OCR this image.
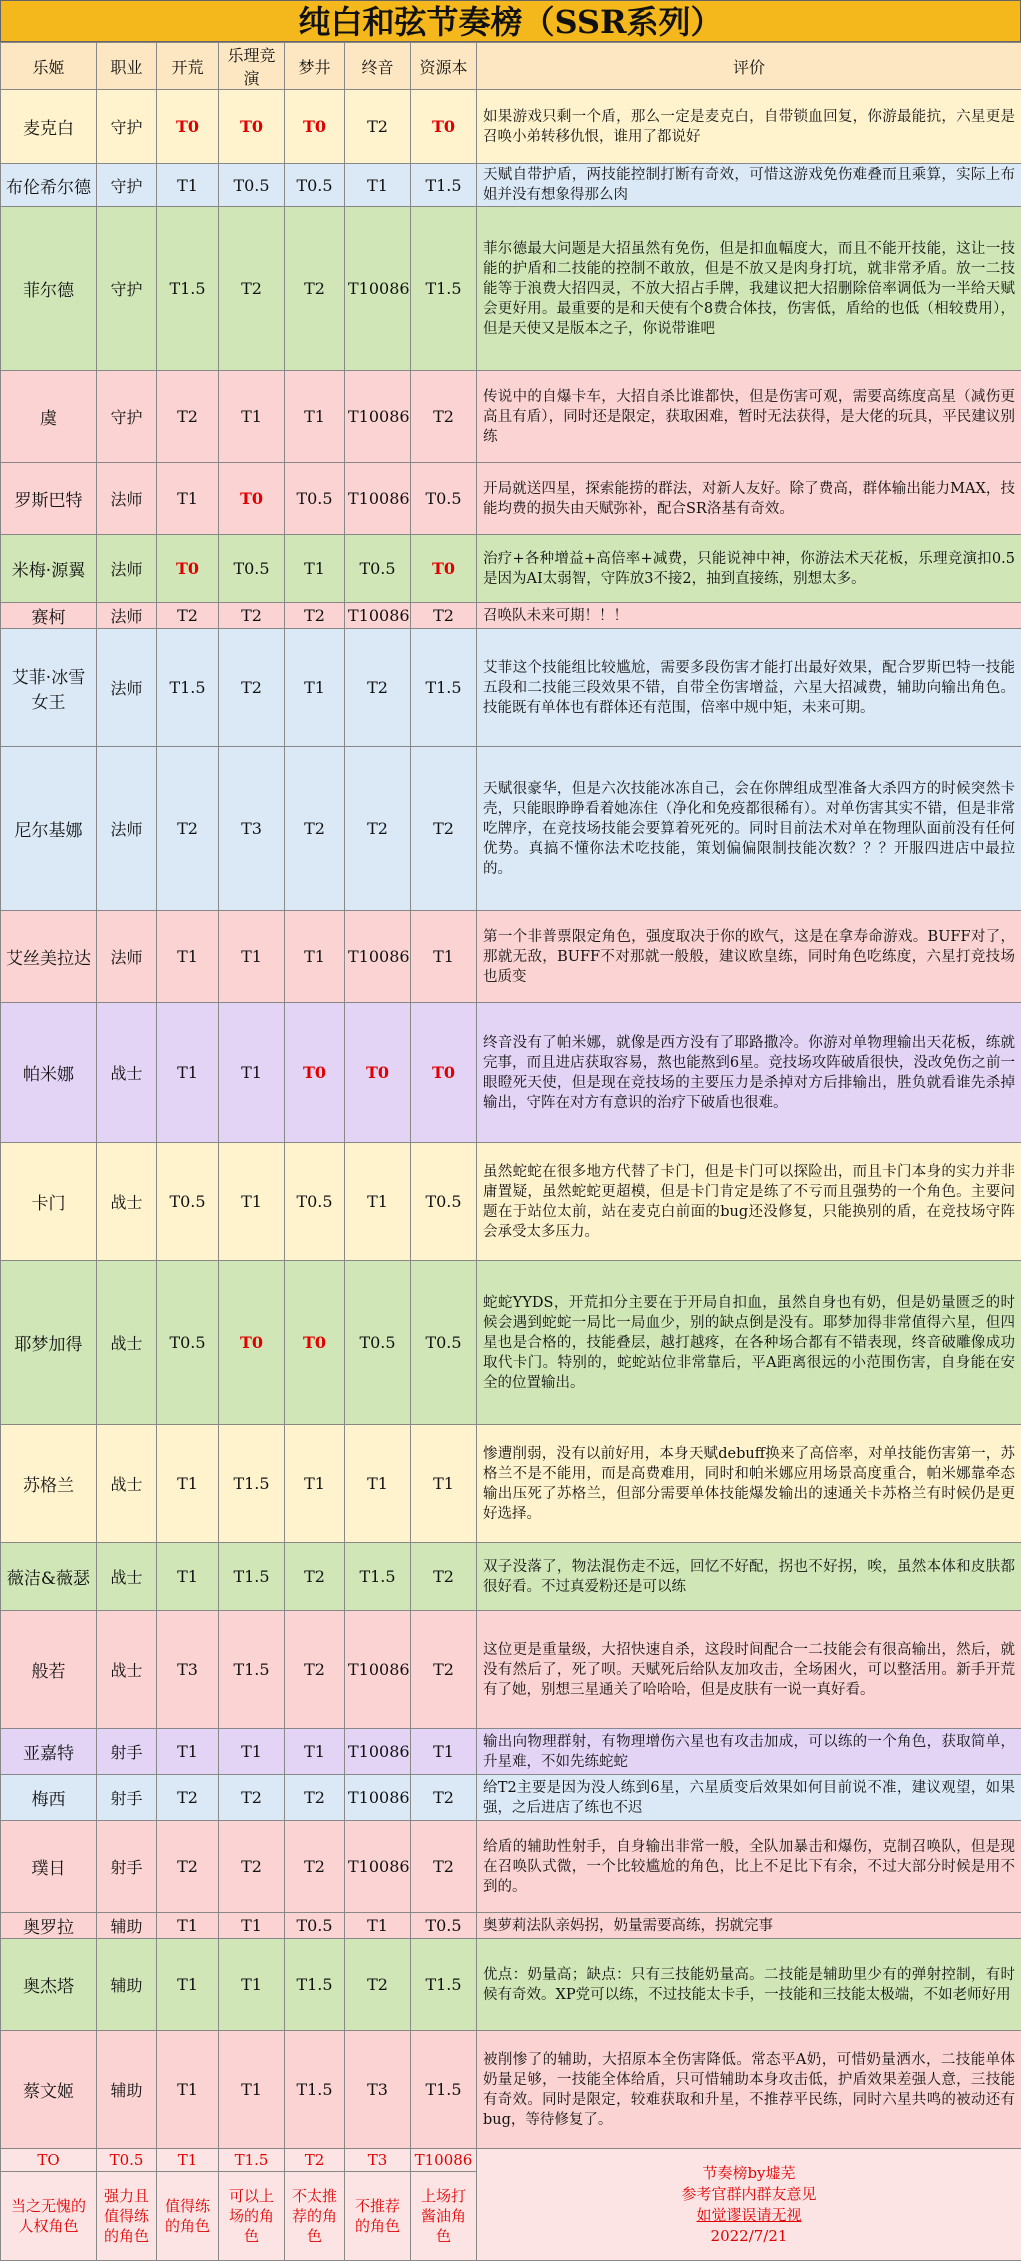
纯白和弦节奏榜（SSR系列）
乐姬	职业	开荒	乐理竞演	梦井	终音	资源本	评价
麦克白	守护	T0	T0	T0	T2	T0	如果游戏只剩一个盾，那么一定是麦克白，自带锁血回复，你游最能抗，六星更是召唤小弟转移仇恨，谁用了都说好
布伦希尔德	守护	T1	T0.5	T0.5	T1	T1.5	天赋自带护盾，两技能控制打断有奇效，可惜这游戏免伤难叠而且乘算，实际上布姐并没有想象得那么肉
菲尔德	守护	T1.5	T2	T2	T10086	T1.5	菲尔德最大问题是大招虽然有免伤，但是扣血幅度大，而且不能开技能，这让一技能的护盾和二技能的控制不敢放，但是不放又是肉身打坑，就非常矛盾。放一二技能等于浪费大招四灵，不放大招占手牌，我建议把大招删除倍率调低为一半给天赋会更好用。最重要的是和天使有个8费合体技，伤害低，盾给的也低（相较费用），但是天使又是版本之子，你说带谁吧
虞	守护	T2	T1	T1	T10086	T2	传说中的自爆卡车，大招自杀比谁都快，但是伤害可观，需要高练度高星（减伤更高且有盾），同时还是限定，获取困难，暂时无法获得，是大佬的玩具，平民建议别练
罗斯巴特	法师	T1	T0	T0.5	T10086	T0.5	开局就送四星，探索能捞的群法，对新人友好。除了费高，群体输出能力MAX，技能均费的损失由天赋弥补，配合SR洛基有奇效。
米梅·源翼	法师	T0	T0.5	T1	T0.5	T0	治疗+各种增益+高倍率+减费，只能说神中神，你游法术天花板，乐理竞演扣0.5是因为AI太弱智，守阵放3不接2，抽到直接练，别想太多。
赛柯	法师	T2	T2	T2	T10086	T2	召唤队未来可期！！！
艾菲·冰雪女王	法师	T1.5	T2	T1	T2	T1.5	艾菲这个技能组比较尴尬，需要多段伤害才能打出最好效果，配合罗斯巴特一技能五段和二技能三段效果不错，自带全伤害增益，六星大招减费，辅助向输出角色。技能既有单体也有群体还有范围，倍率中规中矩，未来可期。
尼尔基娜	法师	T2	T3	T2	T2	T2	天赋很豪华，但是六次技能冰冻自己，会在你牌组成型准备大杀四方的时候突然卡壳，只能眼睁睁看着她冻住（净化和免疫都很稀有）。对单伤害其实不错，但是非常吃牌序，在竞技场技能会要算着死死的。同时目前法术对单在物理队面前没有任何优势。真搞不懂你法术吃技能，策划偏偏限制技能次数？？？开服四进店中最拉的。
艾丝美拉达	法师	T1	T1	T1	T10086	T1	第一个非普票限定角色，强度取决于你的欧气，这是在拿寿命游戏。BUFF对了，那就无敌，BUFF不对那就一般般，建议欧皇练，同时角色吃练度，六星打竞技场也质变
帕米娜	战士	T1	T1	T0	T0	T0	终音没有了帕米娜，就像是西方没有了耶路撒冷。你游对单物理输出天花板，练就完事，而且进店获取容易，熬也能熬到6星。竞技场攻阵破盾很快，没改免伤之前一眼瞪死天使，但是现在竞技场的主要压力是杀掉对方后排输出，胜负就看谁先杀掉输出，守阵在对方有意识的治疗下破盾也很难。
卡门	战士	T0.5	T1	T0.5	T1	T0.5	虽然蛇蛇在很多地方代替了卡门，但是卡门可以探险出，而且卡门本身的实力并非庸置疑，虽然蛇蛇更超模，但是卡门肯定是练了不亏而且强势的一个角色。主要问题在于站位太前，站在麦克白前面的bug还没修复，只能换别的盾，在竞技场守阵会承受太多压力。
耶梦加得	战士	T0.5	T0	T0	T0.5	T0.5	蛇蛇YYDS，开荒扣分主要在于开局自扣血，虽然自身也有奶，但是奶量匮乏的时候会遇到蛇蛇一局比一局血少，别的缺点倒是没有。耶梦加得非常值得六星，但四星也是合格的，技能叠层，越打越疼，在各种场合都有不错表现，终音破雕像成功取代卡门。特别的，蛇蛇站位非常靠后，平A距离很远的小范围伤害，自身能在安全的位置输出。
苏格兰	战士	T1	T1.5	T1	T1	T1	惨遭削弱，没有以前好用，本身天赋debuff换来了高倍率，对单技能伤害第一，苏格兰不是不能用，而是高费难用，同时和帕米娜应用场景高度重合，帕米娜靠牵态输出压死了苏格兰，但部分需要单体技能爆发输出的速通关卡苏格兰有时候仍是更好选择。
薇洁&薇瑟	战士	T1	T1.5	T2	T1.5	T2	双子没落了，物法混伤走不远，回忆不好配，拐也不好拐，唉，虽然本体和皮肤都很好看。不过真爱粉还是可以练
般若	战士	T3	T1.5	T2	T10086	T2	这位更是重量级，大招快速自杀，这段时间配合一二技能会有很高输出，然后，就没有然后了，死了呗。天赋死后给队友加攻击，全场困火，可以整活用。新手开荒有了她，别想三星通关了哈哈哈，但是皮肤有一说一真好看。
亚嘉特	射手	T1	T1	T1	T10086	T1	输出向物理群射，有物理增伤六星也有攻击加成，可以练的一个角色，获取简单，升星难，不如先练蛇蛇
梅西	射手	T2	T2	T2	T10086	T2	给T2主要是因为没人练到6星，六星质变后效果如何目前说不准，建议观望，如果强，之后进店了练也不迟
璞日	射手	T2	T2	T2	T10086	T2	给盾的辅助性射手，自身输出非常一般，全队加暴击和爆伤，克制召唤队，但是现在召唤队式微，一个比较尴尬的角色，比上不足比下有余，不过大部分时候是用不到的。
奥罗拉	辅助	T1	T1	T0.5	T1	T0.5	奥萝莉法队亲妈拐，奶量需要高练，拐就完事
奥杰塔	辅助	T1	T1	T1.5	T2	T1.5	优点：奶量高；缺点：只有三技能奶量高。二技能是辅助里少有的弹射控制，有时候有奇效。XP党可以练，不过技能太卡手，一技能和三技能太极端，不如老师好用
蔡文姬	辅助	T1	T1	T1.5	T3	T1.5	被削惨了的辅助，大招原本全伤害降低。常态平A奶，可惜奶量洒水，二技能单体奶量足够，一技能全体给盾，只可惜辅助本身攻击低，护盾效果差强人意，三技能有奇效。同时是限定，较难获取和升星，不推荐平民练，同时六星共鸣的被动还有bug，等待修复了。
TO	T0.5	T1	T1.5	T2	T3	T10086	节奏榜by墟芜
参考官群内群友意见
如觉谬误请无视
2022/7/21

当之无愧的人权角色	强力且值得练的角色	值得练的角色	可以上场的角色	不太推荐的角色	不推荐的角色	上场打酱油角色	
